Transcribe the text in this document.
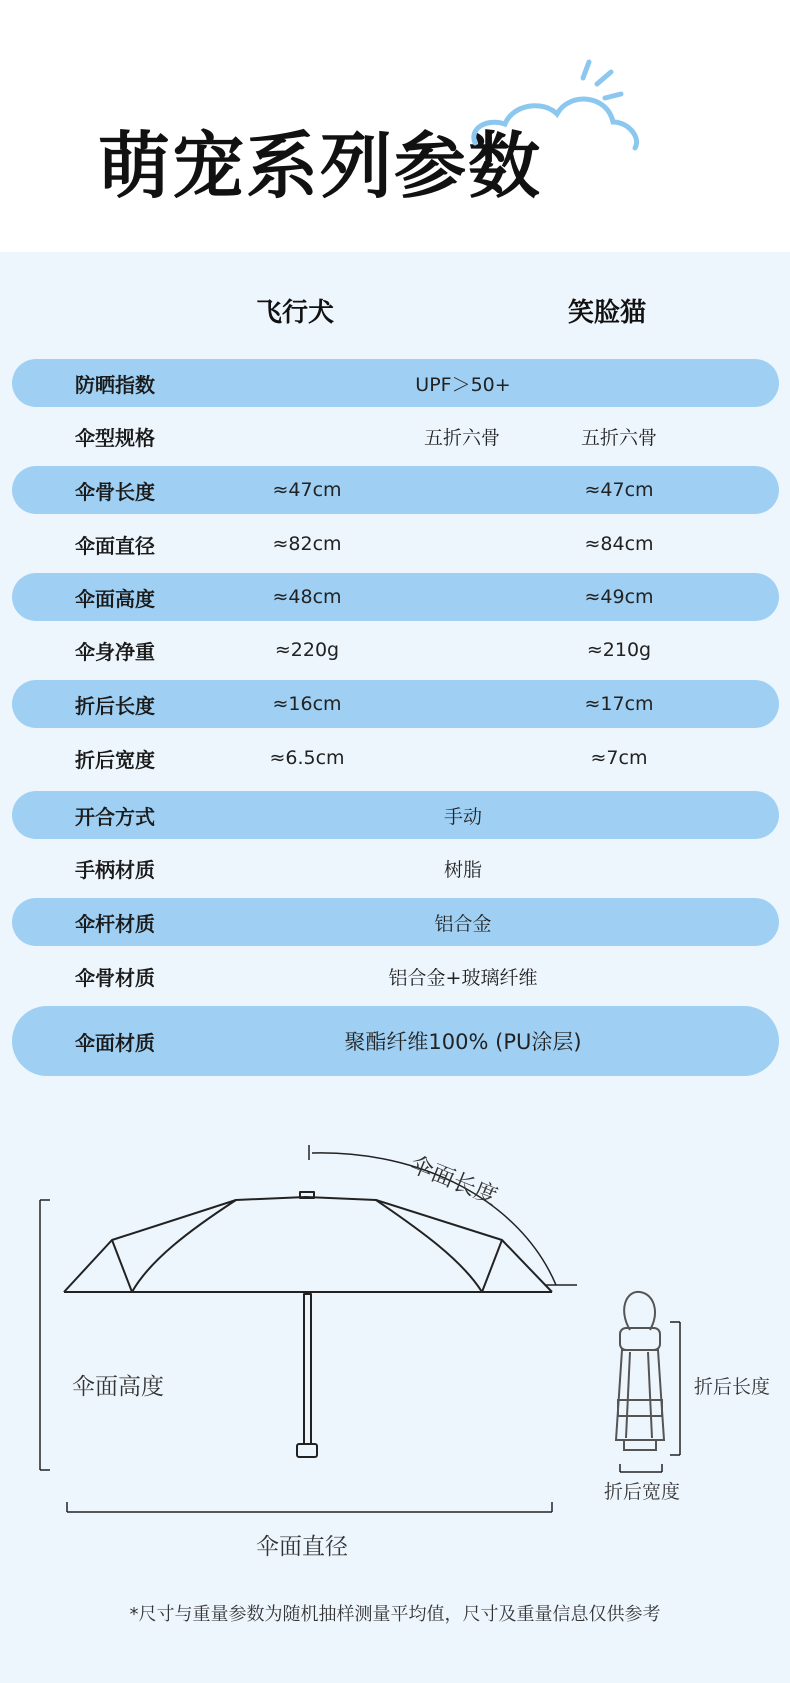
萌宠系列参数
飞行犬	笑脸猫
防晒指数	UPF＞50+
伞型规格	五折六骨	五折六骨
伞骨长度	≈47cm	≈47cm
伞面直径	≈82cm	≈84cm
伞面高度	≈48cm	≈49cm
伞身净重	≈220g	≈210g
折后长度	≈16cm	≈17cm
折后宽度	≈6.5cm	≈7cm
开合方式	手动
手柄材质	树脂
伞杆材质	铝合金
伞骨材质	铝合金+玻璃纤维
伞面材质	聚酯纤维100% (PU涂层)
伞面长度
伞面高度
伞面直径
折后长度
折后宽度
*尺寸与重量参数为随机抽样测量平均值，尺寸及重量信息仅供参考
